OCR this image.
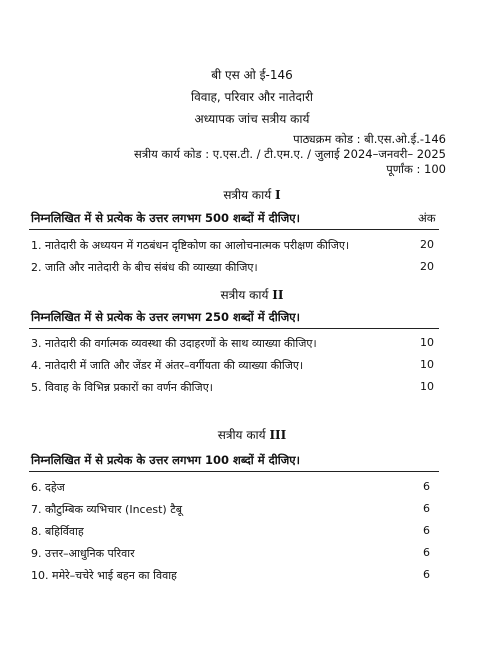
बी एस ओ ई-146
विवाह, परिवार और नातेदारी
अध्यापक जांच सत्रीय कार्य
पाठ्यक्रम कोड : बी.एस.ओ.ई.-146
सत्रीय कार्य कोड : ए.एस.टी. / टी.एम.ए. / जुलाई 2024–जनवरी– 2025
पूर्णांक : 100
सत्रीय कार्य I
निम्नलिखित में से प्रत्येक के उत्तर लगभग 500 शब्दों में दीजिए।	अंक
1. नातेदारी के अध्ययन में गठबंधन दृष्टिकोण का आलोचनात्मक परीक्षण कीजिए।	20
2. जाति और नातेदारी के बीच संबंध की व्याख्या कीजिए।	20
सत्रीय कार्य II
निम्नलिखित में से प्रत्येक के उत्तर लगभग 250 शब्दों में दीजिए।
3. नातेदारी की वर्गात्मक व्यवस्था की उदाहरणों के साथ व्याख्या कीजिए।	10
4. नातेदारी में जाति और जेंडर में अंतर–वर्गीयता की व्याख्या कीजिए।	10
5. विवाह के विभिन्न प्रकारों का वर्णन कीजिए।	10
सत्रीय कार्य III
निम्नलिखित में से प्रत्येक के उत्तर लगभग 100 शब्दों में दीजिए।
6. दहेज	6
7. कौटुम्बिक व्यभिचार (Incest) टैबू	6
8. बहिर्विवाह	6
9. उत्तर–आधुनिक परिवार	6
10. ममेरे–चचेरे भाई बहन का विवाह	6
